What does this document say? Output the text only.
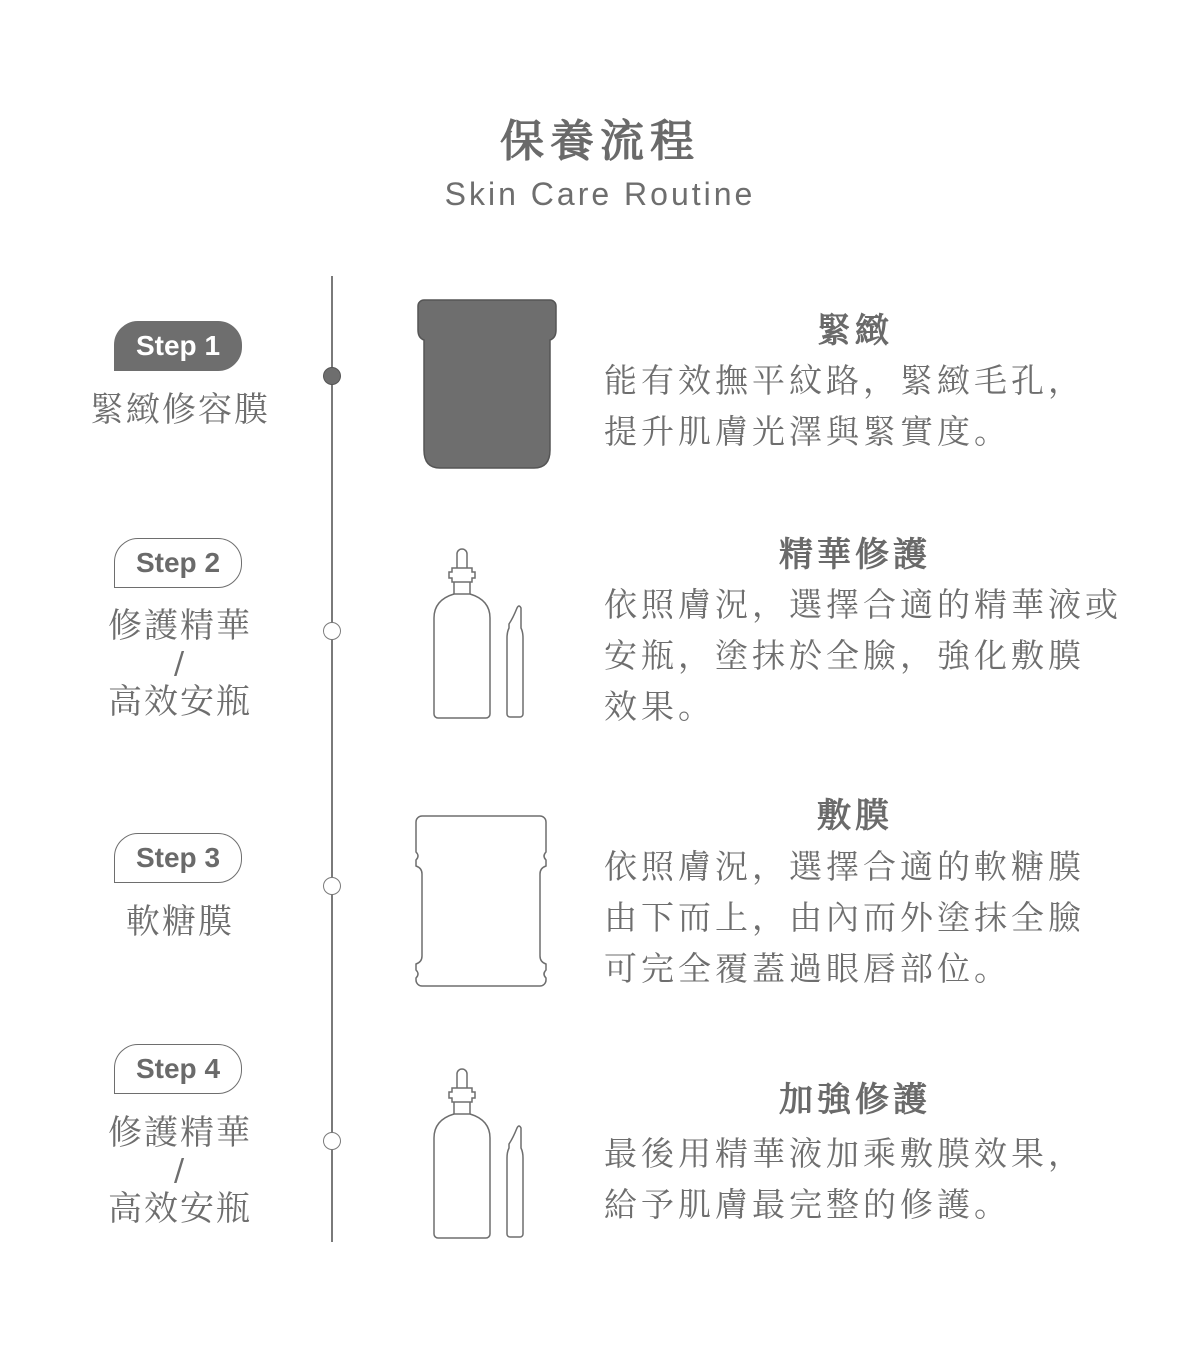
保養流程
Skin Care Routine
Step 1
緊緻修容膜
緊緻
能有效撫平紋路，緊緻毛孔，
提升肌膚光澤與緊實度。
Step 2
修護精華
/
高效安瓶
精華修護
依照膚況，選擇合適的精華液或
安瓶，塗抹於全臉，強化敷膜
效果。
Step 3
軟糖膜
敷膜
依照膚況，選擇合適的軟糖膜
由下而上，由內而外塗抹全臉
可完全覆蓋過眼唇部位。
Step 4
修護精華
/
高效安瓶
加強修護
最後用精華液加乘敷膜效果，
給予肌膚最完整的修護。
